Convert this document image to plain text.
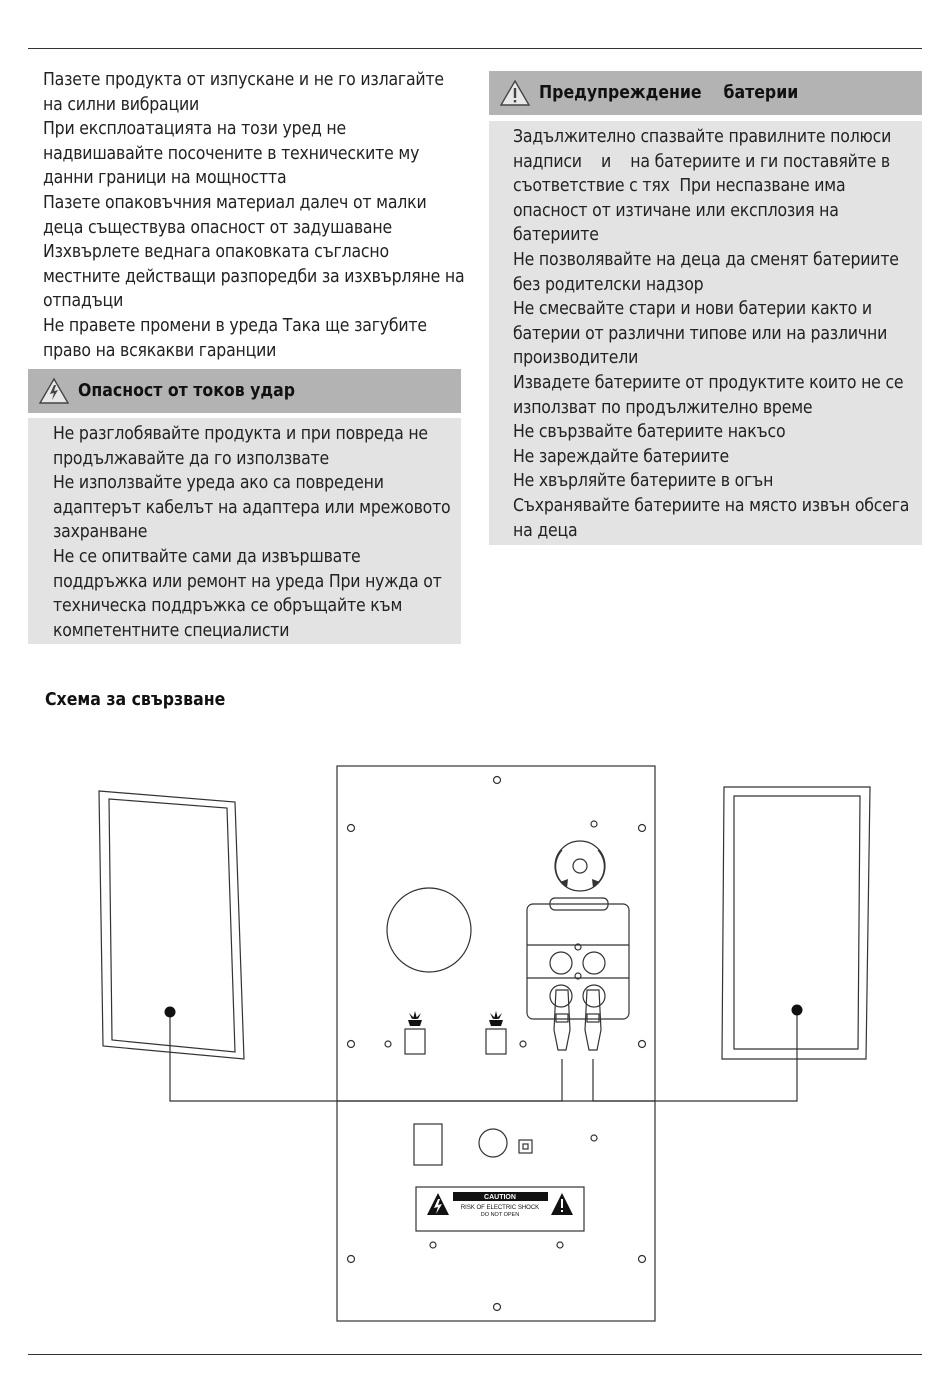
Пазете продукта от изпускане и не го излагайте на силни вибрации

При експлоатацията на този уред не надвишавайте посочените в техническите му данни граници на мощността

Пазете опаковъчния материал далеч от малки деца съществува опасност от задушаване

Изхвърлете веднага опаковката съгласно местните действащи разпоредби за изхвърляне на отпадъци

Не правете промени в уреда Така ще загубите право на всякакви гаранции

Опасност от токов удар

Не разглобявайте продукта и при повреда не продължавайте да го използвате

Не използвайте уреда ако са повредени адаптерът кабелът на адаптера или мрежовото захранване

Не се опитвайте сами да извършвате поддръжка или ремонт на уреда При нужда от техническа поддръжка се обръщайте към компетентните специалисти

Предупреждение    батерии

Задължително спазвайте правилните полюси  надписи    и    на батериите и ги поставяйте в съответствие с тях  При неспазване има опасност от изтичане или експлозия на батериите

Не позволявайте на деца да сменят батериите без родителски надзор

Не смесвайте стари и нови батерии както и батерии от различни типове или на различни производители

Извадете батериите от продуктите които не се използват по продължително време

Не свързвайте батериите накъсо

Не зареждайте батериите

Не хвърляйте батериите в огън

Съхранявайте батериите на място извън обсега на деца

Схема за свързване
CAUTION
RISK OF ELECTRIC SHOCK
DO NOT OPEN
